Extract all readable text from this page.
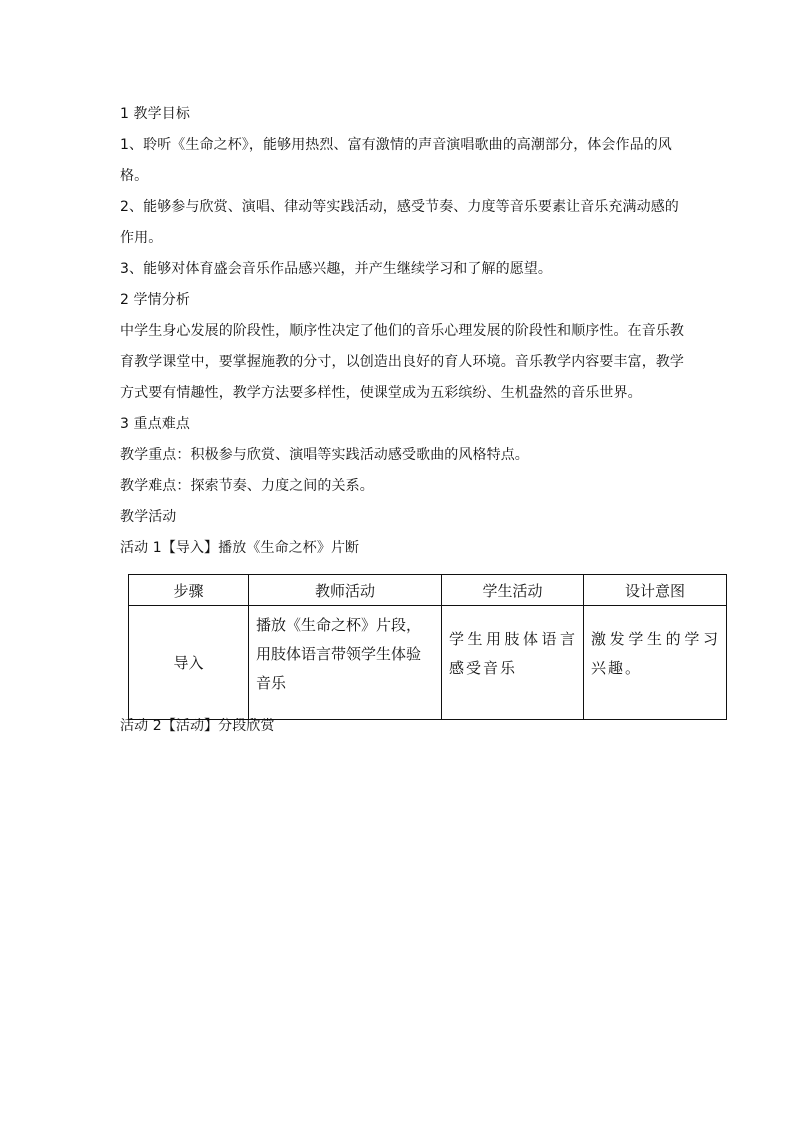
1 教学目标
1、聆听《生命之杯》，能够用热烈、富有激情的声音演唱歌曲的高潮部分，体会作品的风
格。
2、能够参与欣赏、演唱、律动等实践活动，感受节奏、力度等音乐要素让音乐充满动感的
作用。
3、能够对体育盛会音乐作品感兴趣，并产生继续学习和了解的愿望。
2 学情分析
中学生身心发展的阶段性，顺序性决定了他们的音乐心理发展的阶段性和顺序性。在音乐教
育教学课堂中，要掌握施教的分寸，以创造出良好的育人环境。音乐教学内容要丰富，教学
方式要有情趣性，教学方法要多样性，使课堂成为五彩缤纷、生机盎然的音乐世界。
3 重点难点
教学重点：积极参与欣赏、演唱等实践活动感受歌曲的风格特点。
教学难点：探索节奏、力度之间的关系。
教学活动
活动 1【导入】播放《生命之杯》片断
步骤	教师活动	学生活动	设计意图
导入	播放《生命之杯》片段，用肢体语言带领学生体验音乐	学生用肢体语言感受音乐	激发学生的学习兴趣。
活动 2【活动】分段欣赏
